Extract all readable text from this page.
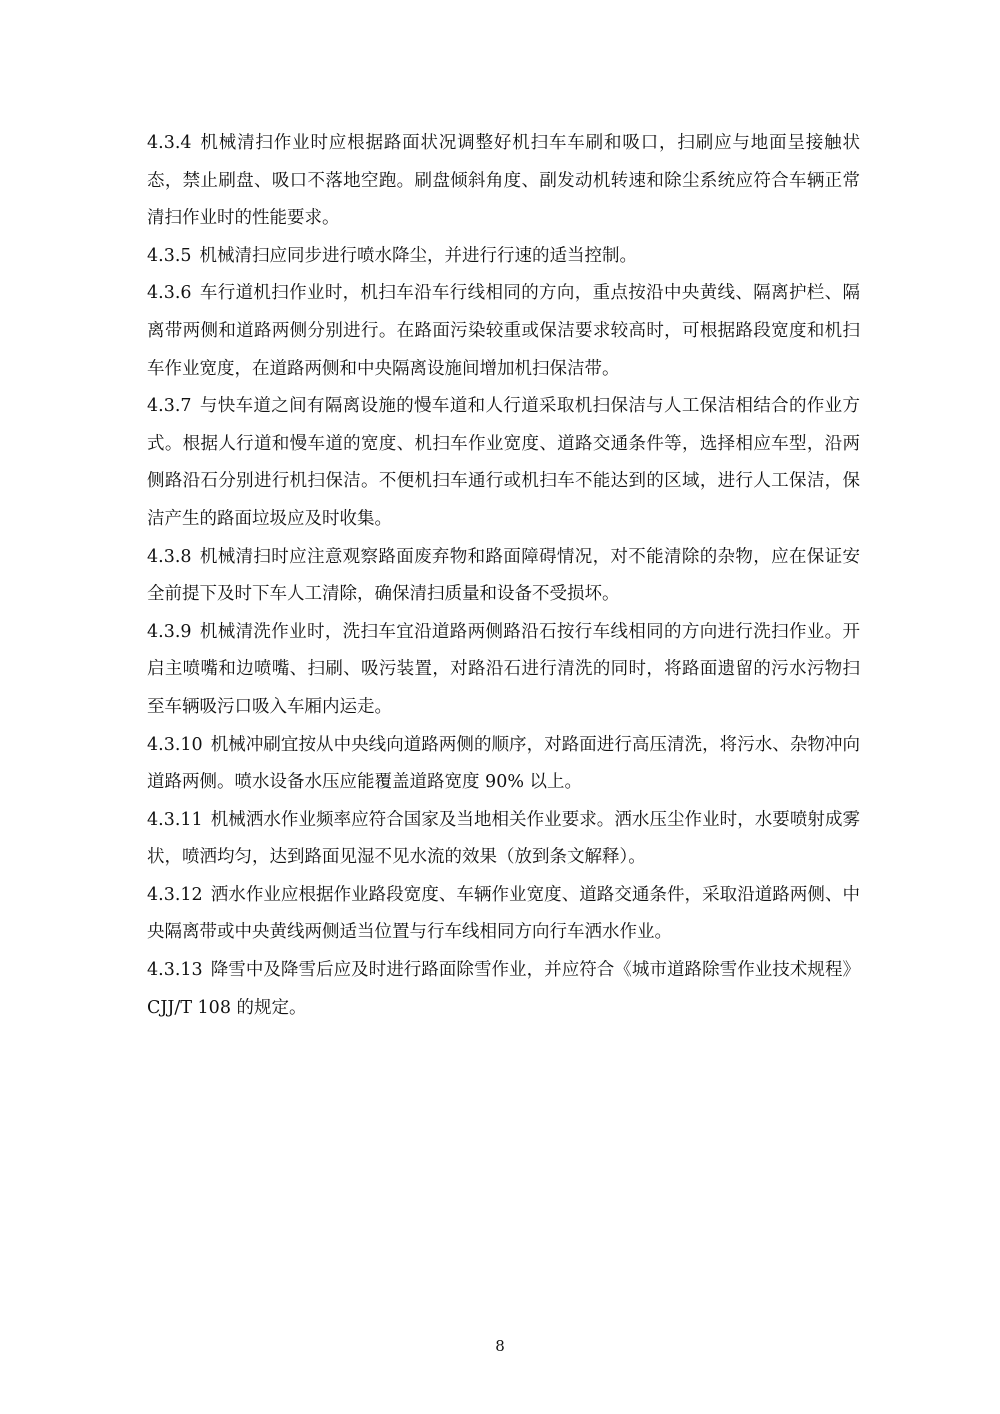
4.3.4 机械清扫作业时应根据路面状况调整好机扫车车刷和吸口，扫刷应与地面呈接触状态，禁止刷盘、吸口不落地空跑。刷盘倾斜角度、副发动机转速和除尘系统应符合车辆正常清扫作业时的性能要求。

4.3.5 机械清扫应同步进行喷水降尘，并进行行速的适当控制。

4.3.6 车行道机扫作业时，机扫车沿车行线相同的方向，重点按沿中央黄线、隔离护栏、隔离带两侧和道路两侧分别进行。在路面污染较重或保洁要求较高时，可根据路段宽度和机扫车作业宽度，在道路两侧和中央隔离设施间增加机扫保洁带。

4.3.7 与快车道之间有隔离设施的慢车道和人行道采取机扫保洁与人工保洁相结合的作业方式。根据人行道和慢车道的宽度、机扫车作业宽度、道路交通条件等，选择相应车型，沿两侧路沿石分别进行机扫保洁。不便机扫车通行或机扫车不能达到的区域，进行人工保洁，保洁产生的路面垃圾应及时收集。

4.3.8 机械清扫时应注意观察路面废弃物和路面障碍情况，对不能清除的杂物，应在保证安全前提下及时下车人工清除，确保清扫质量和设备不受损坏。

4.3.9 机械清洗作业时，洗扫车宜沿道路两侧路沿石按行车线相同的方向进行洗扫作业。开启主喷嘴和边喷嘴、扫刷、吸污装置，对路沿石进行清洗的同时，将路面遗留的污水污物扫至车辆吸污口吸入车厢内运走。

4.3.10 机械冲刷宜按从中央线向道路两侧的顺序，对路面进行高压清洗，将污水、杂物冲向道路两侧。喷水设备水压应能覆盖道路宽度 90% 以上。

4.3.11 机械洒水作业频率应符合国家及当地相关作业要求。洒水压尘作业时，水要喷射成雾状，喷洒均匀，达到路面见湿不见水流的效果（放到条文解释）。

4.3.12 洒水作业应根据作业路段宽度、车辆作业宽度、道路交通条件，采取沿道路两侧、中央隔离带或中央黄线两侧适当位置与行车线相同方向行车洒水作业。

4.3.13 降雪中及降雪后应及时进行路面除雪作业，并应符合《城市道路除雪作业技术规程》 CJJ/T 108 的规定。

8
